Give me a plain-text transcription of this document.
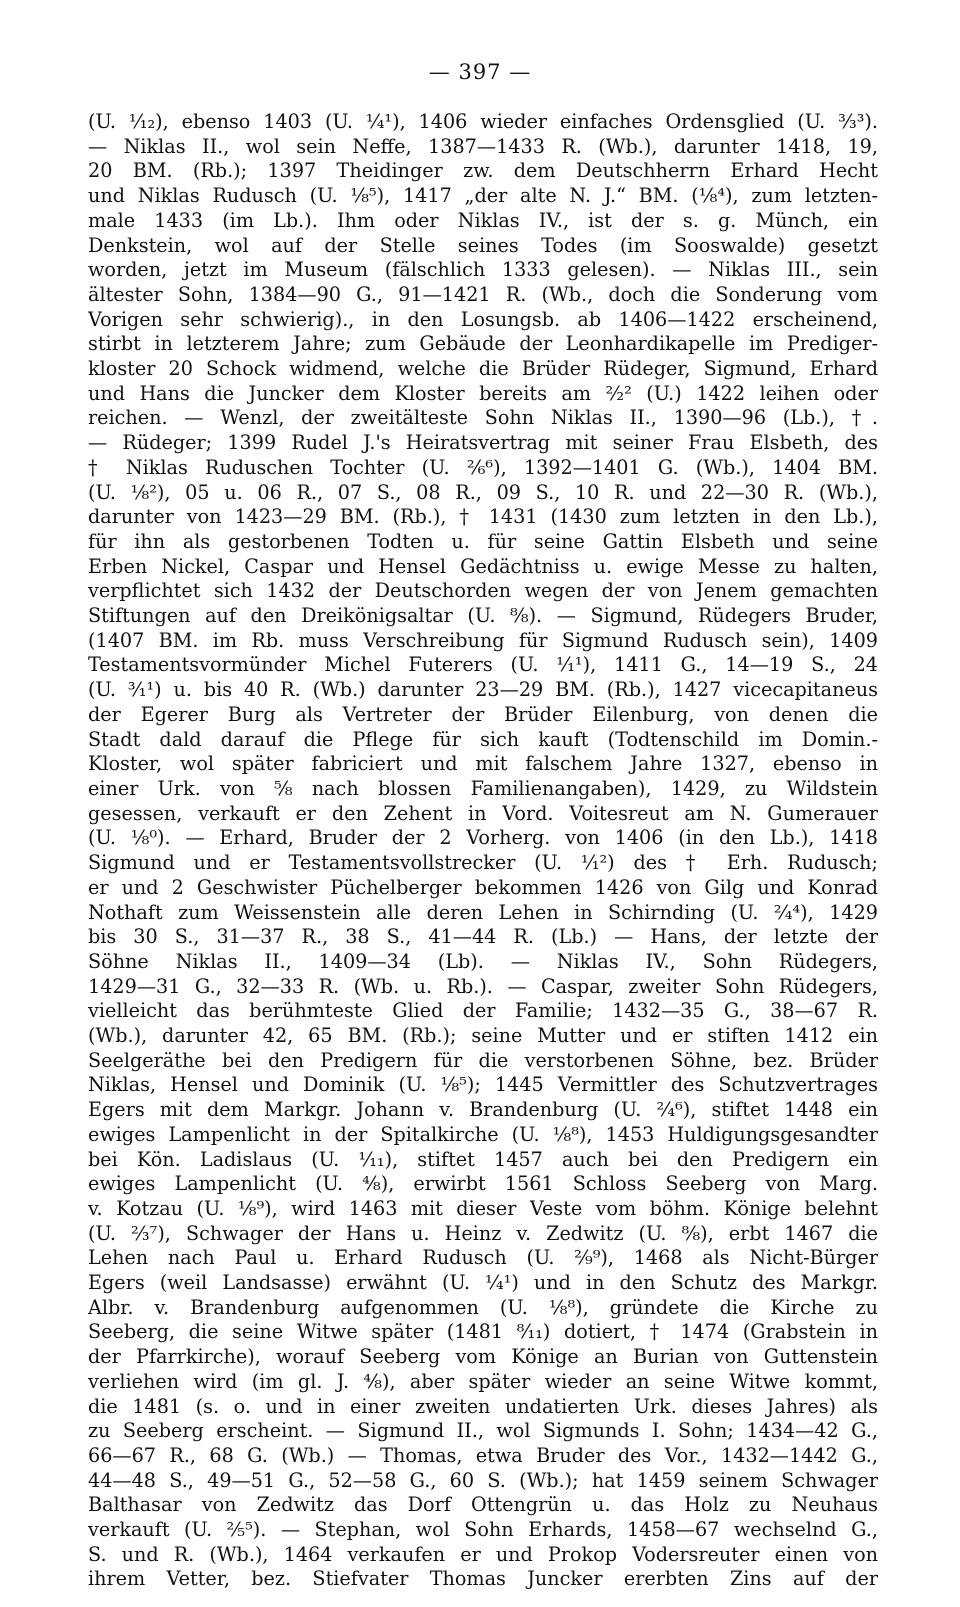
— 397 —
(U. ¹⁄₁₂), ebenso 1403 (U. ¹⁄₄¹), 1406 wieder einfaches Ordensglied (U. ³⁄₃³).
— Niklas II., wol sein Neffe, 1387—1433 R. (Wb.), darunter 1418, 19,
20 BM. (Rb.); 1397 Theidinger zw. dem Deutschherrn Erhard Hecht
und Niklas Rudusch (U. ¹⁄₈⁵), 1417 „der alte N. J.“ BM. (¹⁄₈⁴), zum letzten-
male 1433 (im Lb.). Ihm oder Niklas IV., ist der s. g. Münch, ein
Denkstein, wol auf der Stelle seines Todes (im Sooswalde) gesetzt
worden, jetzt im Museum (fälschlich 1333 gelesen). — Niklas III., sein
ältester Sohn, 1384—90 G., 91—1421 R. (Wb., doch die Sonderung vom
Vorigen sehr schwierig)., in den Losungsb. ab 1406—1422 erscheinend,
stirbt in letzterem Jahre; zum Gebäude der Leonhardikapelle im Prediger-
kloster 20 Schock widmend, welche die Brüder Rüdeger, Sigmund, Erhard
und Hans die Juncker dem Kloster bereits am ²⁄₂² (U.) 1422 leihen oder
reichen. — Wenzl, der zweitälteste Sohn Niklas II., 1390—96 (Lb.), †.
— Rüdeger; 1399 Rudel J.'s Heiratsvertrag mit seiner Frau Elsbeth, des
† Niklas Ruduschen Tochter (U. ²⁄₆⁶), 1392—1401 G. (Wb.), 1404 BM.
(U. ¹⁄₈²), 05 u. 06 R., 07 S., 08 R., 09 S., 10 R. und 22—30 R. (Wb.),
darunter von 1423—29 BM. (Rb.), † 1431 (1430 zum letzten in den Lb.),
für ihn als gestorbenen Todten u. für seine Gattin Elsbeth und seine
Erben Nickel, Caspar und Hensel Gedächtniss u. ewige Messe zu halten,
verpflichtet sich 1432 der Deutschorden wegen der von Jenem gemachten
Stiftungen auf den Dreikönigsaltar (U. ⁸⁄₈). — Sigmund, Rüdegers Bruder,
(1407 BM. im Rb. muss Verschreibung für Sigmund Rudusch sein), 1409
Testamentsvormünder Michel Futerers (U. ¹⁄₁¹), 1411 G., 14—19 S., 24
(U. ³⁄₁¹) u. bis 40 R. (Wb.) darunter 23—29 BM. (Rb.), 1427 vicecapitaneus
der Egerer Burg als Vertreter der Brüder Eilenburg, von denen die
Stadt dald darauf die Pflege für sich kauft (Todtenschild im Domin.-
Kloster, wol später fabriciert und mit falschem Jahre 1327, ebenso in
einer Urk. von ⁵⁄₈ nach blossen Familienangaben), 1429, zu Wildstein
gesessen, verkauft er den Zehent in Vord. Voitesreut am N. Gumerauer
(U. ¹⁄₈⁰). — Erhard, Bruder der 2 Vorherg. von 1406 (in den Lb.), 1418
Sigmund und er Testamentsvollstrecker (U. ¹⁄₁²) des † Erh. Rudusch;
er und 2 Geschwister Püchelberger bekommen 1426 von Gilg und Konrad
Nothaft zum Weissenstein alle deren Lehen in Schirnding (U. ²⁄₄⁴), 1429
bis 30 S., 31—37 R., 38 S., 41—44 R. (Lb.) — Hans, der letzte der
Söhne Niklas II., 1409—34 (Lb). — Niklas IV., Sohn Rüdegers,
1429—31 G., 32—33 R. (Wb. u. Rb.). — Caspar, zweiter Sohn Rüdegers,
vielleicht das berühmteste Glied der Familie; 1432—35 G., 38—67 R.
(Wb.), darunter 42, 65 BM. (Rb.); seine Mutter und er stiften 1412 ein
Seelgeräthe bei den Predigern für die verstorbenen Söhne, bez. Brüder
Niklas, Hensel und Dominik (U. ¹⁄₈⁵); 1445 Vermittler des Schutzvertrages
Egers mit dem Markgr. Johann v. Brandenburg (U. ²⁄₄⁶), stiftet 1448 ein
ewiges Lampenlicht in der Spitalkirche (U. ¹⁄₈⁸), 1453 Huldigungsgesandter
bei Kön. Ladislaus (U. ¹⁄₁₁), stiftet 1457 auch bei den Predigern ein
ewiges Lampenlicht (U. ⁴⁄₈), erwirbt 1561 Schloss Seeberg von Marg.
v. Kotzau (U. ¹⁄₈⁹), wird 1463 mit dieser Veste vom böhm. Könige belehnt
(U. ²⁄₃⁷), Schwager der Hans u. Heinz v. Zedwitz (U. ⁸⁄₈), erbt 1467 die
Lehen nach Paul u. Erhard Rudusch (U. ²⁄₉⁹), 1468 als Nicht-Bürger
Egers (weil Landsasse) erwähnt (U. ¹⁄₄¹) und in den Schutz des Markgr.
Albr. v. Brandenburg aufgenommen (U. ¹⁄₈⁸), gründete die Kirche zu
Seeberg, die seine Witwe später (1481 ⁸⁄₁₁) dotiert, † 1474 (Grabstein in
der Pfarrkirche), worauf Seeberg vom Könige an Burian von Guttenstein
verliehen wird (im gl. J. ⁴⁄₈), aber später wieder an seine Witwe kommt,
die 1481 (s. o. und in einer zweiten undatierten Urk. dieses Jahres) als
zu Seeberg erscheint. — Sigmund II., wol Sigmunds I. Sohn; 1434—42 G.,
66—67 R., 68 G. (Wb.) — Thomas, etwa Bruder des Vor., 1432—1442 G.,
44—48 S., 49—51 G., 52—58 G., 60 S. (Wb.); hat 1459 seinem Schwager
Balthasar von Zedwitz das Dorf Ottengrün u. das Holz zu Neuhaus
verkauft (U. ²⁄₅⁵). — Stephan, wol Sohn Erhards, 1458—67 wechselnd G.,
S. und R. (Wb.), 1464 verkaufen er und Prokop Vodersreuter einen von
ihrem Vetter, bez. Stiefvater Thomas Juncker ererbten Zins auf der
